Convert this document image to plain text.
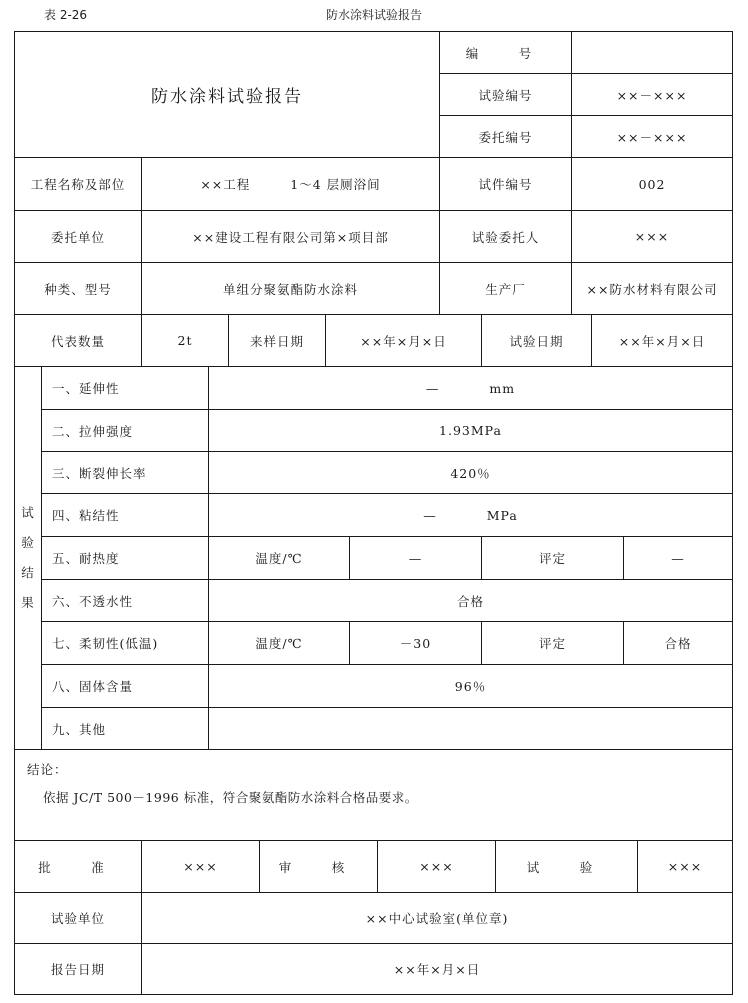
表 2-26	防水涂料试验报告
防水涂料试验报告
编　号
试验编号	××－×××
委托编号	××－×××
工程名称及部位	××工程	1～4 层厕浴间	试件编号	002
委托单位	××建设工程有限公司第×项目部	试验委托人	×××
种类、型号	单组分聚氨酯防水涂料	生产厂	××防水材料有限公司
代表数量	2t	来样日期	××年×月×日	试验日期	××年×月×日
试
验
结
果
一、延伸性	—	mm
二、拉伸强度	1.93MPa
三、断裂伸长率	420％
四、粘结性	—	MPa
五、耐热度	温度/℃	—	评定	—
六、不透水性	合格
七、柔韧性(低温)	温度/℃	－30	评定	合格
八、固体含量	96％
九、其他
结论：
依据 JC/T 500－1996 标准，符合聚氨酯防水涂料合格品要求。
批　准	×××	审　核	×××	试　验	×××
试验单位	××中心试验室(单位章)
报告日期	××年×月×日
